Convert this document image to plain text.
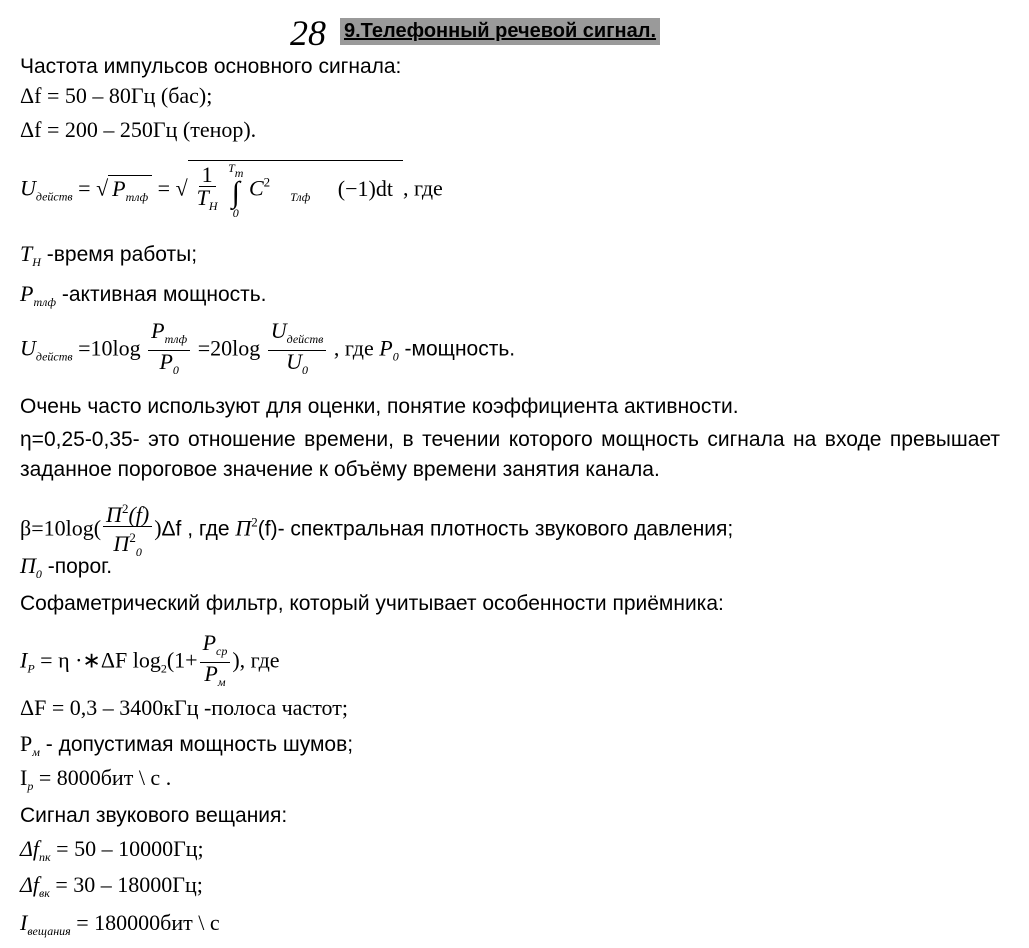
28 9.Телефонный речевой сигнал.
Частота импульсов основного сигнала:
Δf = 50 – 80Гц (бас);
Δf = 200 – 250Гц (тенор).
$U_{действ}$ = √ $P_{тлф}$ = √ $\frac{1}{T_H}$
$T_m$
∫
0
$C^2_{Тлф}$ (−1)dt , где
$T_H$ -время работы;
$P_{тлф}$ -активная мощность.
$U_{действ} =10\log \frac{P_{тлф}}{P_0} =20\log \frac{U_{действ}}{U_0}$ , где $P_0$ -мощность.
Очень часто используют для оценки, понятие коэффициента активности.
η=0,25-0,35- это отношение времени, в течении которого мощность сигнала на входе превышает заданное пороговое значение к объёму времени занятия канала.
$\beta=10\log( \frac{П^2(f)}{П^2_0} )\Delta f$ , где $П^2(f)-$ спектральная плотность звукового давления;
$П_0$ -порог.
Софаметрический фильтр, который учитывает особенности приёмника:
$I_P = \eta$ ·∗ΔF $\log_2(1+ \frac{P_{ср}}{P_м}$ ), где
ΔF = 0,3 – 3400кГц -полоса частот;
$P_м$ - допустимая мощность шумов;
$I_p = 8000бит$ \ c .
Сигнал звукового вещания:
$\Delta f_{пк} = 50 - 10000Гц$;
$\Delta f_{вк} = 30 - 18000Гц$;
$I_{вещания} = 180000бит$ \ c
